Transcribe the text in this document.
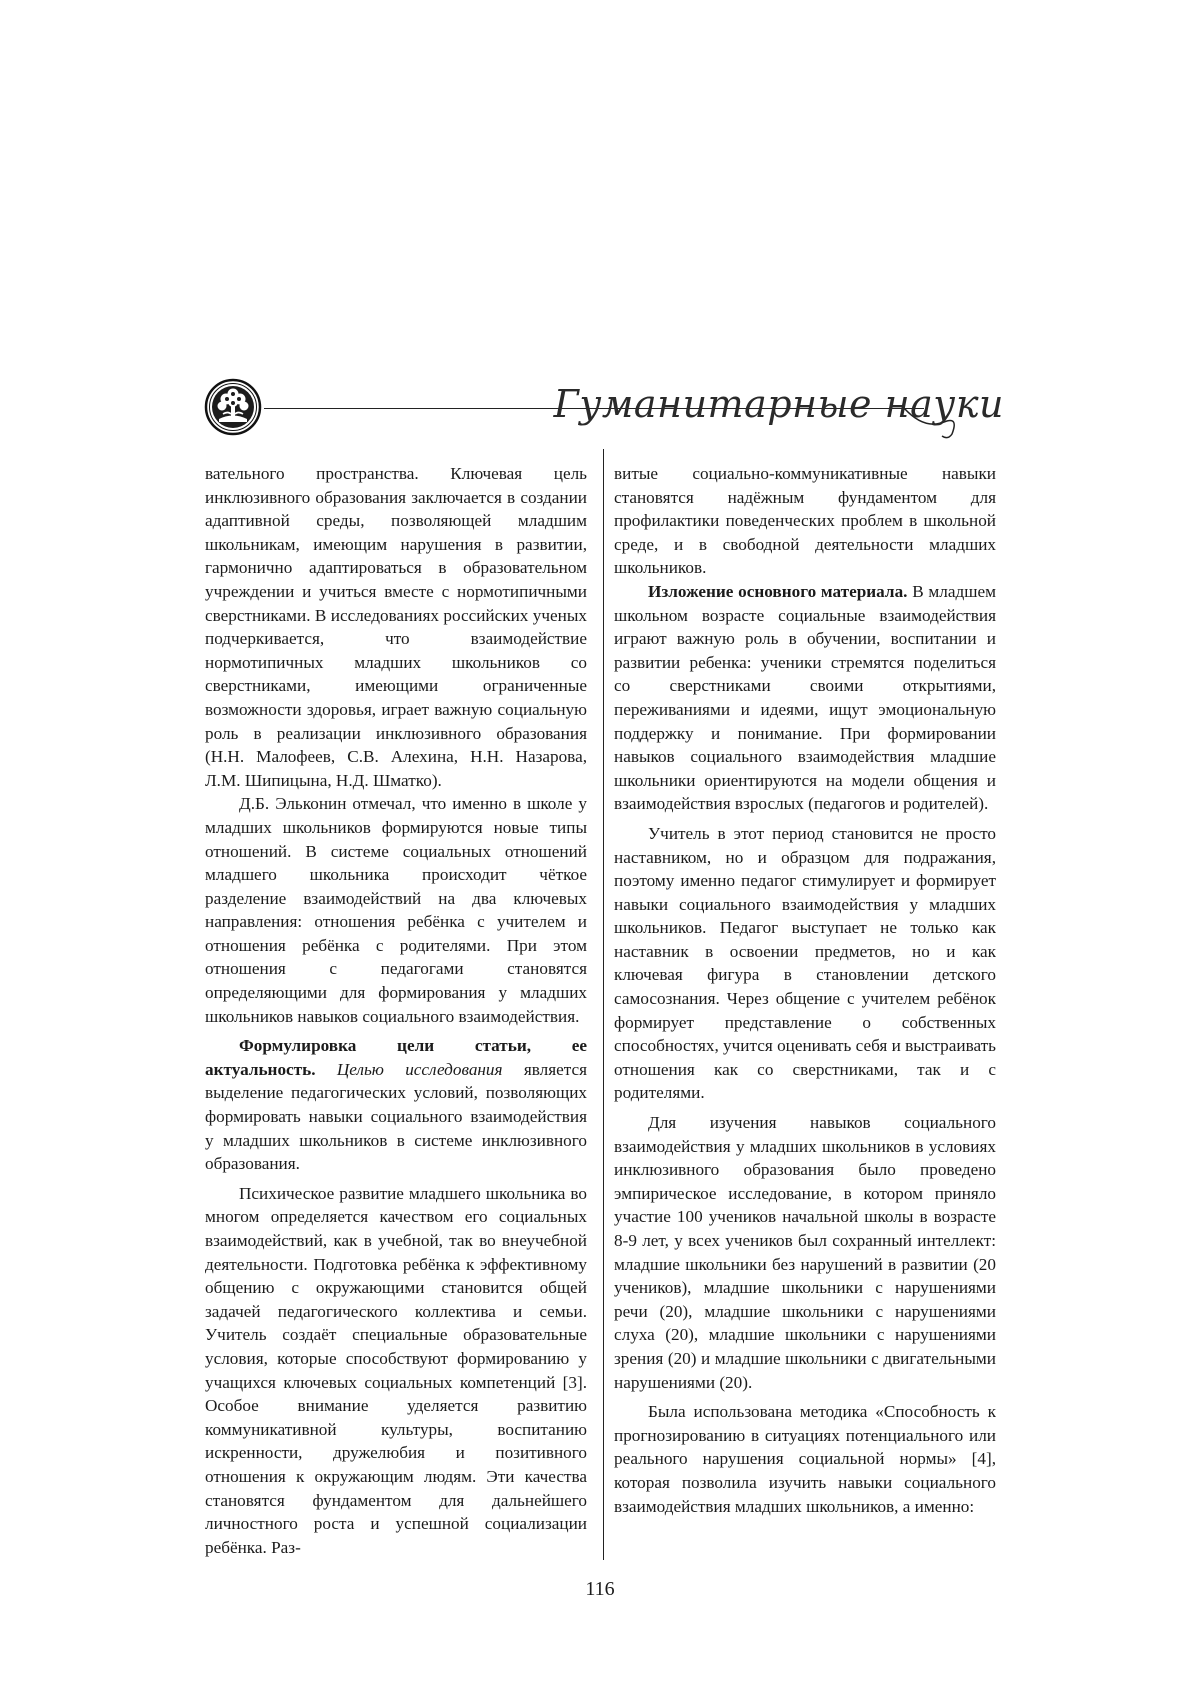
Гуманитарные науки

вательного пространства. Ключевая цель инклюзивного образования заключается в создании адаптивной среды, позволяющей младшим школьникам, имеющим нарушения в развитии, гармонично адаптироваться в образовательном учреждении и учиться вместе с нормотипичными сверстниками. В исследованиях российских ученых подчеркивается, что взаимодействие нормотипичных младших школьников со сверстниками, имеющими ограниченные возможности здоровья, играет важную социальную роль в реализации инклюзивного образования (Н.Н. Малофеев, С.В. Алехина, Н.Н. Назарова, Л.М. Шипицына, Н.Д. Шматко).

Д.Б. Эльконин отмечал, что именно в школе у младших школьников формируются новые типы отношений. В системе социальных отношений младшего школьника происходит чёткое разделение взаимодействий на два ключевых направления: отношения ребёнка с учителем и отношения ребёнка с родителями. При этом отношения с педагогами становятся определяющими для формирования у младших школьников навыков социального взаимодействия.

Формулировка цели статьи, ее актуальность. Целью исследования является выделение педагогических условий, позволяющих формировать навыки социального взаимодействия у младших школьников в системе инклюзивного образования.

Психическое развитие младшего школьника во многом определяется качеством его социальных взаимодействий, как в учебной, так во внеучебной деятельности. Подготовка ребёнка к эффективному общению с окружающими становится общей задачей педагогического коллектива и семьи. Учитель создаёт специальные образовательные условия, которые способствуют формированию у учащихся ключевых социальных компетенций [3]. Особое внимание уделяется развитию коммуникативной культуры, воспитанию искренности, дружелюбия и позитивного отношения к окружающим людям. Эти качества становятся фундаментом для дальнейшего личностного роста и успешной социализации ребёнка. Раз-

витые социально-коммуникативные навыки становятся надёжным фундаментом для профилактики поведенческих проблем в школьной среде, и в свободной деятельности младших школьников.

Изложение основного материала. В младшем школьном возрасте социальные взаимодействия играют важную роль в обучении, воспитании и развитии ребенка: ученики стремятся поделиться со сверстниками своими открытиями, переживаниями и идеями, ищут эмоциональную поддержку и понимание. При формировании навыков социального взаимодействия младшие школьники ориентируются на модели общения и взаимодействия взрослых (педагогов и родителей).

Учитель в этот период становится не просто наставником, но и образцом для подражания, поэтому именно педагог стимулирует и формирует навыки социального взаимодействия у младших школьников. Педагог выступает не только как наставник в освоении предметов, но и как ключевая фигура в становлении детского самосознания. Через общение с учителем ребёнок формирует представление о собственных способностях, учится оценивать себя и выстраивать отношения как со сверстниками, так и с родителями.

Для изучения навыков социального взаимодействия у младших школьников в условиях инклюзивного образования было проведено эмпирическое исследование, в котором приняло участие 100 учеников начальной школы в возрасте 8-9 лет, у всех учеников был сохранный интеллект: младшие школьники без нарушений в развитии (20 учеников), младшие школьники с нарушениями речи (20), младшие школьники с нарушениями слуха (20), младшие школьники с нарушениями зрения (20) и младшие школьники с двигательными нарушениями (20).

Была использована методика «Способность к прогнозированию в ситуациях потенциального или реального нарушения социальной нормы» [4], которая позволила изучить навыки социального взаимодействия младших школьников, а именно:

116
